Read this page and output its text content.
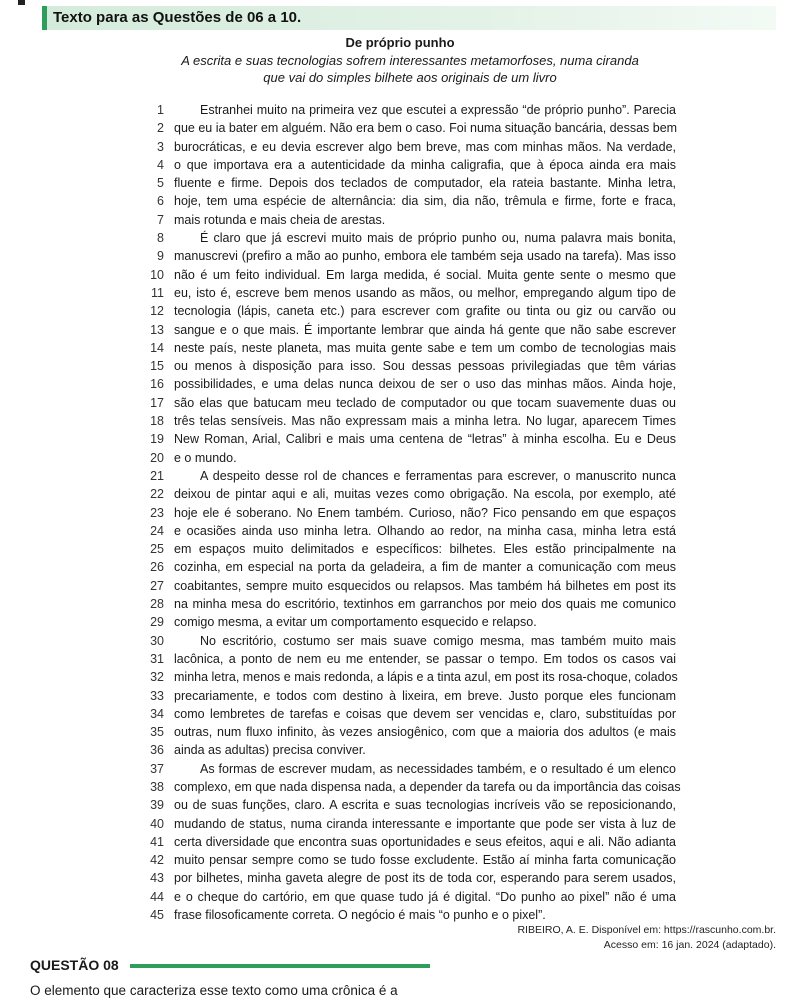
Texto para as Questões de 06 a 10.
De próprio punho
A escrita e suas tecnologias sofrem interessantes metamorfoses, numa ciranda que vai do simples bilhete aos originais de um livro
1	Estranhei muito na primeira vez que escutei a expressão “de próprio punho”. Parecia
2 que eu ia bater em alguém. Não era bem o caso. Foi numa situação bancária, dessas bem
3 burocráticas, e eu devia escrever algo bem breve, mas com minhas mãos. Na verdade,
4 o que importava era a autenticidade da minha caligrafia, que à época ainda era mais
5 fluente e firme. Depois dos teclados de computador, ela rateia bastante. Minha letra,
6 hoje, tem uma espécie de alternância: dia sim, dia não, trêmula e firme, forte e fraca,
7 mais rotunda e mais cheia de arestas.
8	É claro que já escrevi muito mais de próprio punho ou, numa palavra mais bonita,
9 manuscrevi (prefiro a mão ao punho, embora ele também seja usado na tarefa). Mas isso
10 não é um feito individual. Em larga medida, é social. Muita gente sente o mesmo que
11 eu, isto é, escreve bem menos usando as mãos, ou melhor, empregando algum tipo de
12 tecnologia (lápis, caneta etc.) para escrever com grafite ou tinta ou giz ou carvão ou
13 sangue e o que mais. É importante lembrar que ainda há gente que não sabe escrever
14 neste país, neste planeta, mas muita gente sabe e tem um combo de tecnologias mais
15 ou menos à disposição para isso. Sou dessas pessoas privilegiadas que têm várias
16 possibilidades, e uma delas nunca deixou de ser o uso das minhas mãos. Ainda hoje,
17 são elas que batucam meu teclado de computador ou que tocam suavemente duas ou
18 três telas sensíveis. Mas não expressam mais a minha letra. No lugar, aparecem Times
19 New Roman, Arial, Calibri e mais uma centena de “letras” à minha escolha. Eu e Deus
20 e o mundo.
21	A despeito desse rol de chances e ferramentas para escrever, o manuscrito nunca
22 deixou de pintar aqui e ali, muitas vezes como obrigação. Na escola, por exemplo, até
23 hoje ele é soberano. No Enem também. Curioso, não? Fico pensando em que espaços
24 e ocasiões ainda uso minha letra. Olhando ao redor, na minha casa, minha letra está
25 em espaços muito delimitados e específicos: bilhetes. Eles estão principalmente na
26 cozinha, em especial na porta da geladeira, a fim de manter a comunicação com meus
27 coabitantes, sempre muito esquecidos ou relapsos. Mas também há bilhetes em post its
28 na minha mesa do escritório, textinhos em garranchos por meio dos quais me comunico
29 comigo mesma, a evitar um comportamento esquecido e relapso.
30	No escritório, costumo ser mais suave comigo mesma, mas também muito mais
31 lacônica, a ponto de nem eu me entender, se passar o tempo. Em todos os casos vai
32 minha letra, menos e mais redonda, a lápis e a tinta azul, em post its rosa-choque, colados
33 precariamente, e todos com destino à lixeira, em breve. Justo porque eles funcionam
34 como lembretes de tarefas e coisas que devem ser vencidas e, claro, substituídas por
35 outras, num fluxo infinito, às vezes ansiogênico, com que a maioria dos adultos (e mais
36 ainda as adultas) precisa conviver.
37	As formas de escrever mudam, as necessidades também, e o resultado é um elenco
38 complexo, em que nada dispensa nada, a depender da tarefa ou da importância das coisas
39 ou de suas funções, claro. A escrita e suas tecnologias incríveis vão se reposicionando,
40 mudando de status, numa ciranda interessante e importante que pode ser vista à luz de
41 certa diversidade que encontra suas oportunidades e seus efeitos, aqui e ali. Não adianta
42 muito pensar sempre como se tudo fosse excludente. Estão aí minha farta comunicação
43 por bilhetes, minha gaveta alegre de post its de toda cor, esperando para serem usados,
44 e o cheque do cartório, em que quase tudo já é digital. “Do punho ao pixel” não é uma
45 frase filosoficamente correta. O negócio é mais “o punho e o pixel”.
RIBEIRO, A. E. Disponível em: https://rascunho.com.br.
Acesso em: 16 jan. 2024 (adaptado).
QUESTÃO 08
O elemento que caracteriza esse texto como uma crônica é a
